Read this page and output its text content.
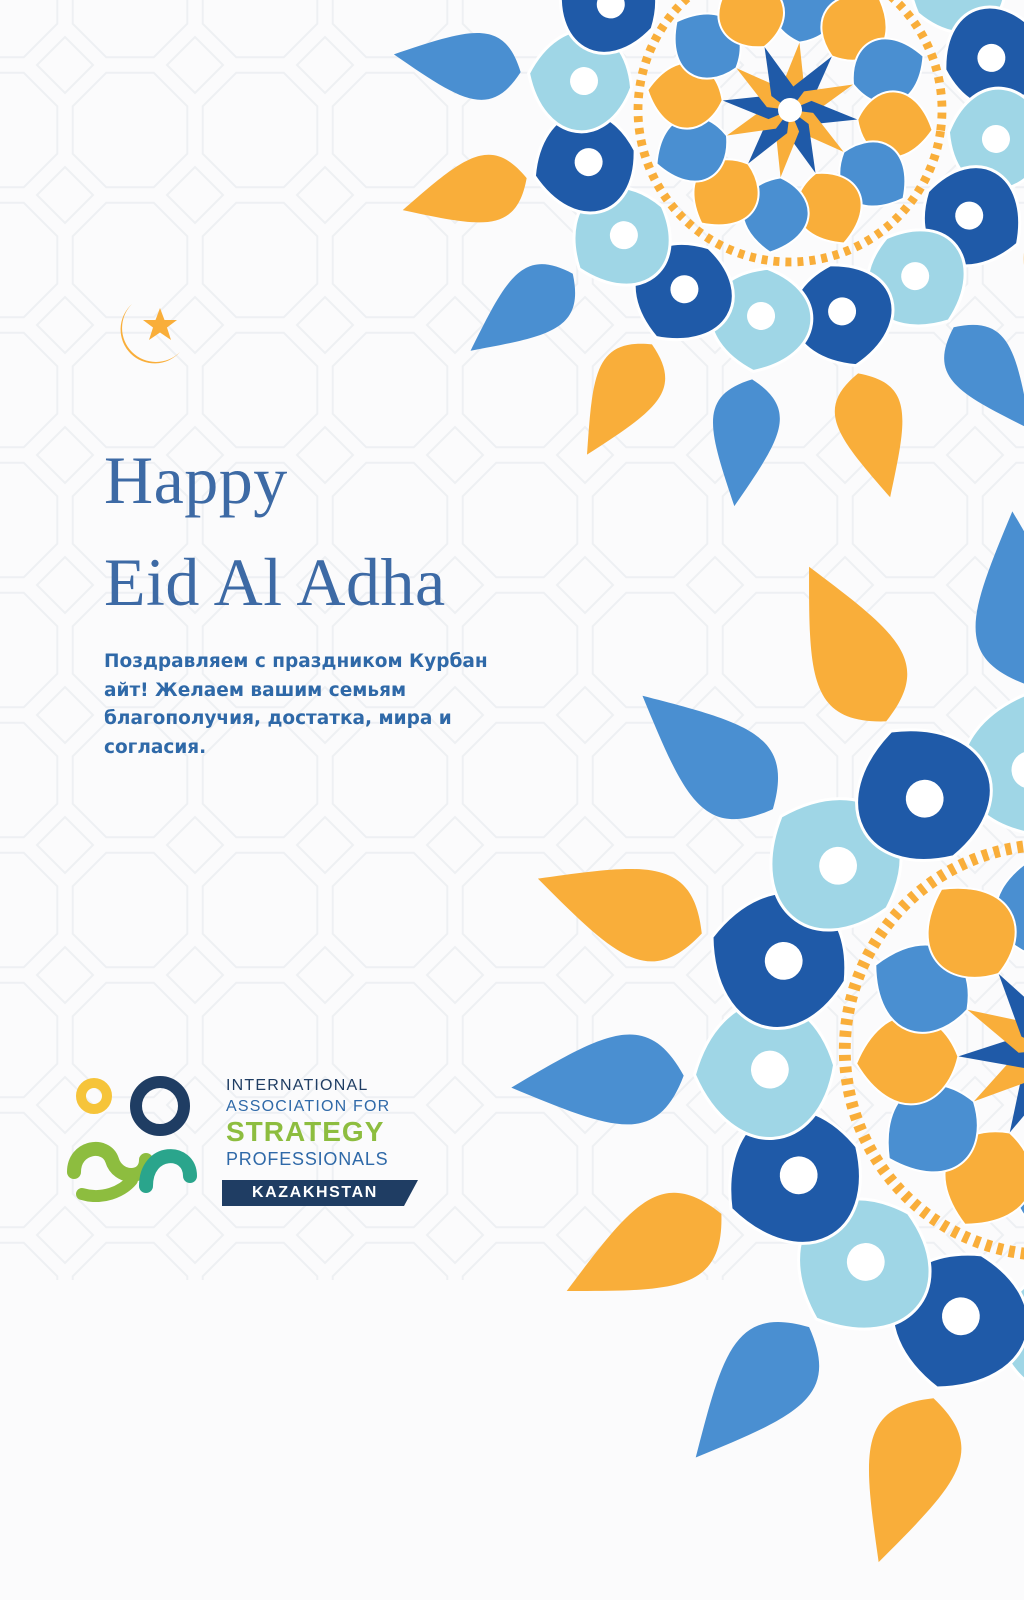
Happy
Eid Al Adha

Поздравляем с праздником Курбан айт! Желаем вашим семьям благополучия, достатка, мира и согласия.

INTERNATIONAL

ASSOCIATION FOR

STRATEGY

PROFESSIONALS

KAZAKHSTAN
